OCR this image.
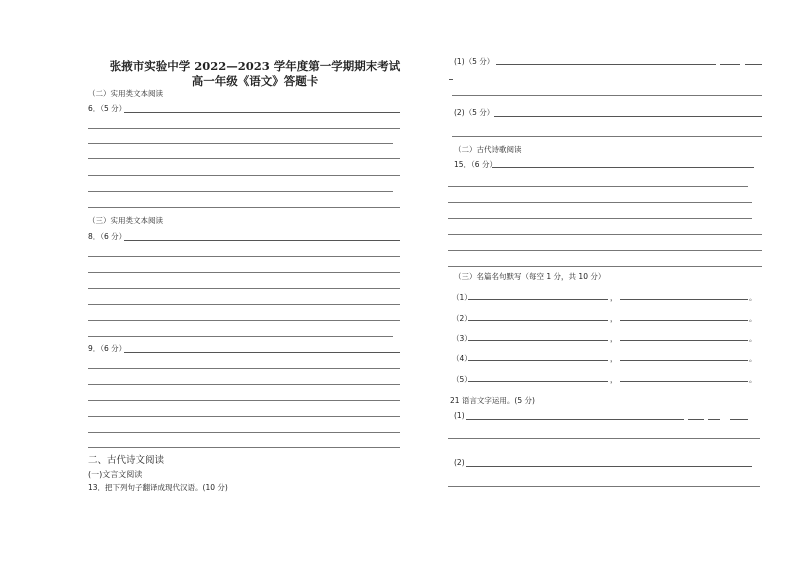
张掖市实验中学 2022—2023 学年度第一学期期末考试
高一年级《语文》答题卡
（二）实用类文本阅读
6．（5 分）
（三）实用类文本阅读
8．（6 分）
9．（6 分）
二、古代诗文阅读
(一)文言文阅读
13．把下列句子翻译成现代汉语。(10 分)
(1)（5 分）
(2)（5 分）
（二）古代诗歌阅读
15．（6 分）
（三）名篇名句默写（每空 1 分，共 10 分）
（1）	，	。
（2）	，	。
（3）	，	。
（4）	，	。
（5）	，	。
21 语言文字运用。(5 分)
(1)
(2)
